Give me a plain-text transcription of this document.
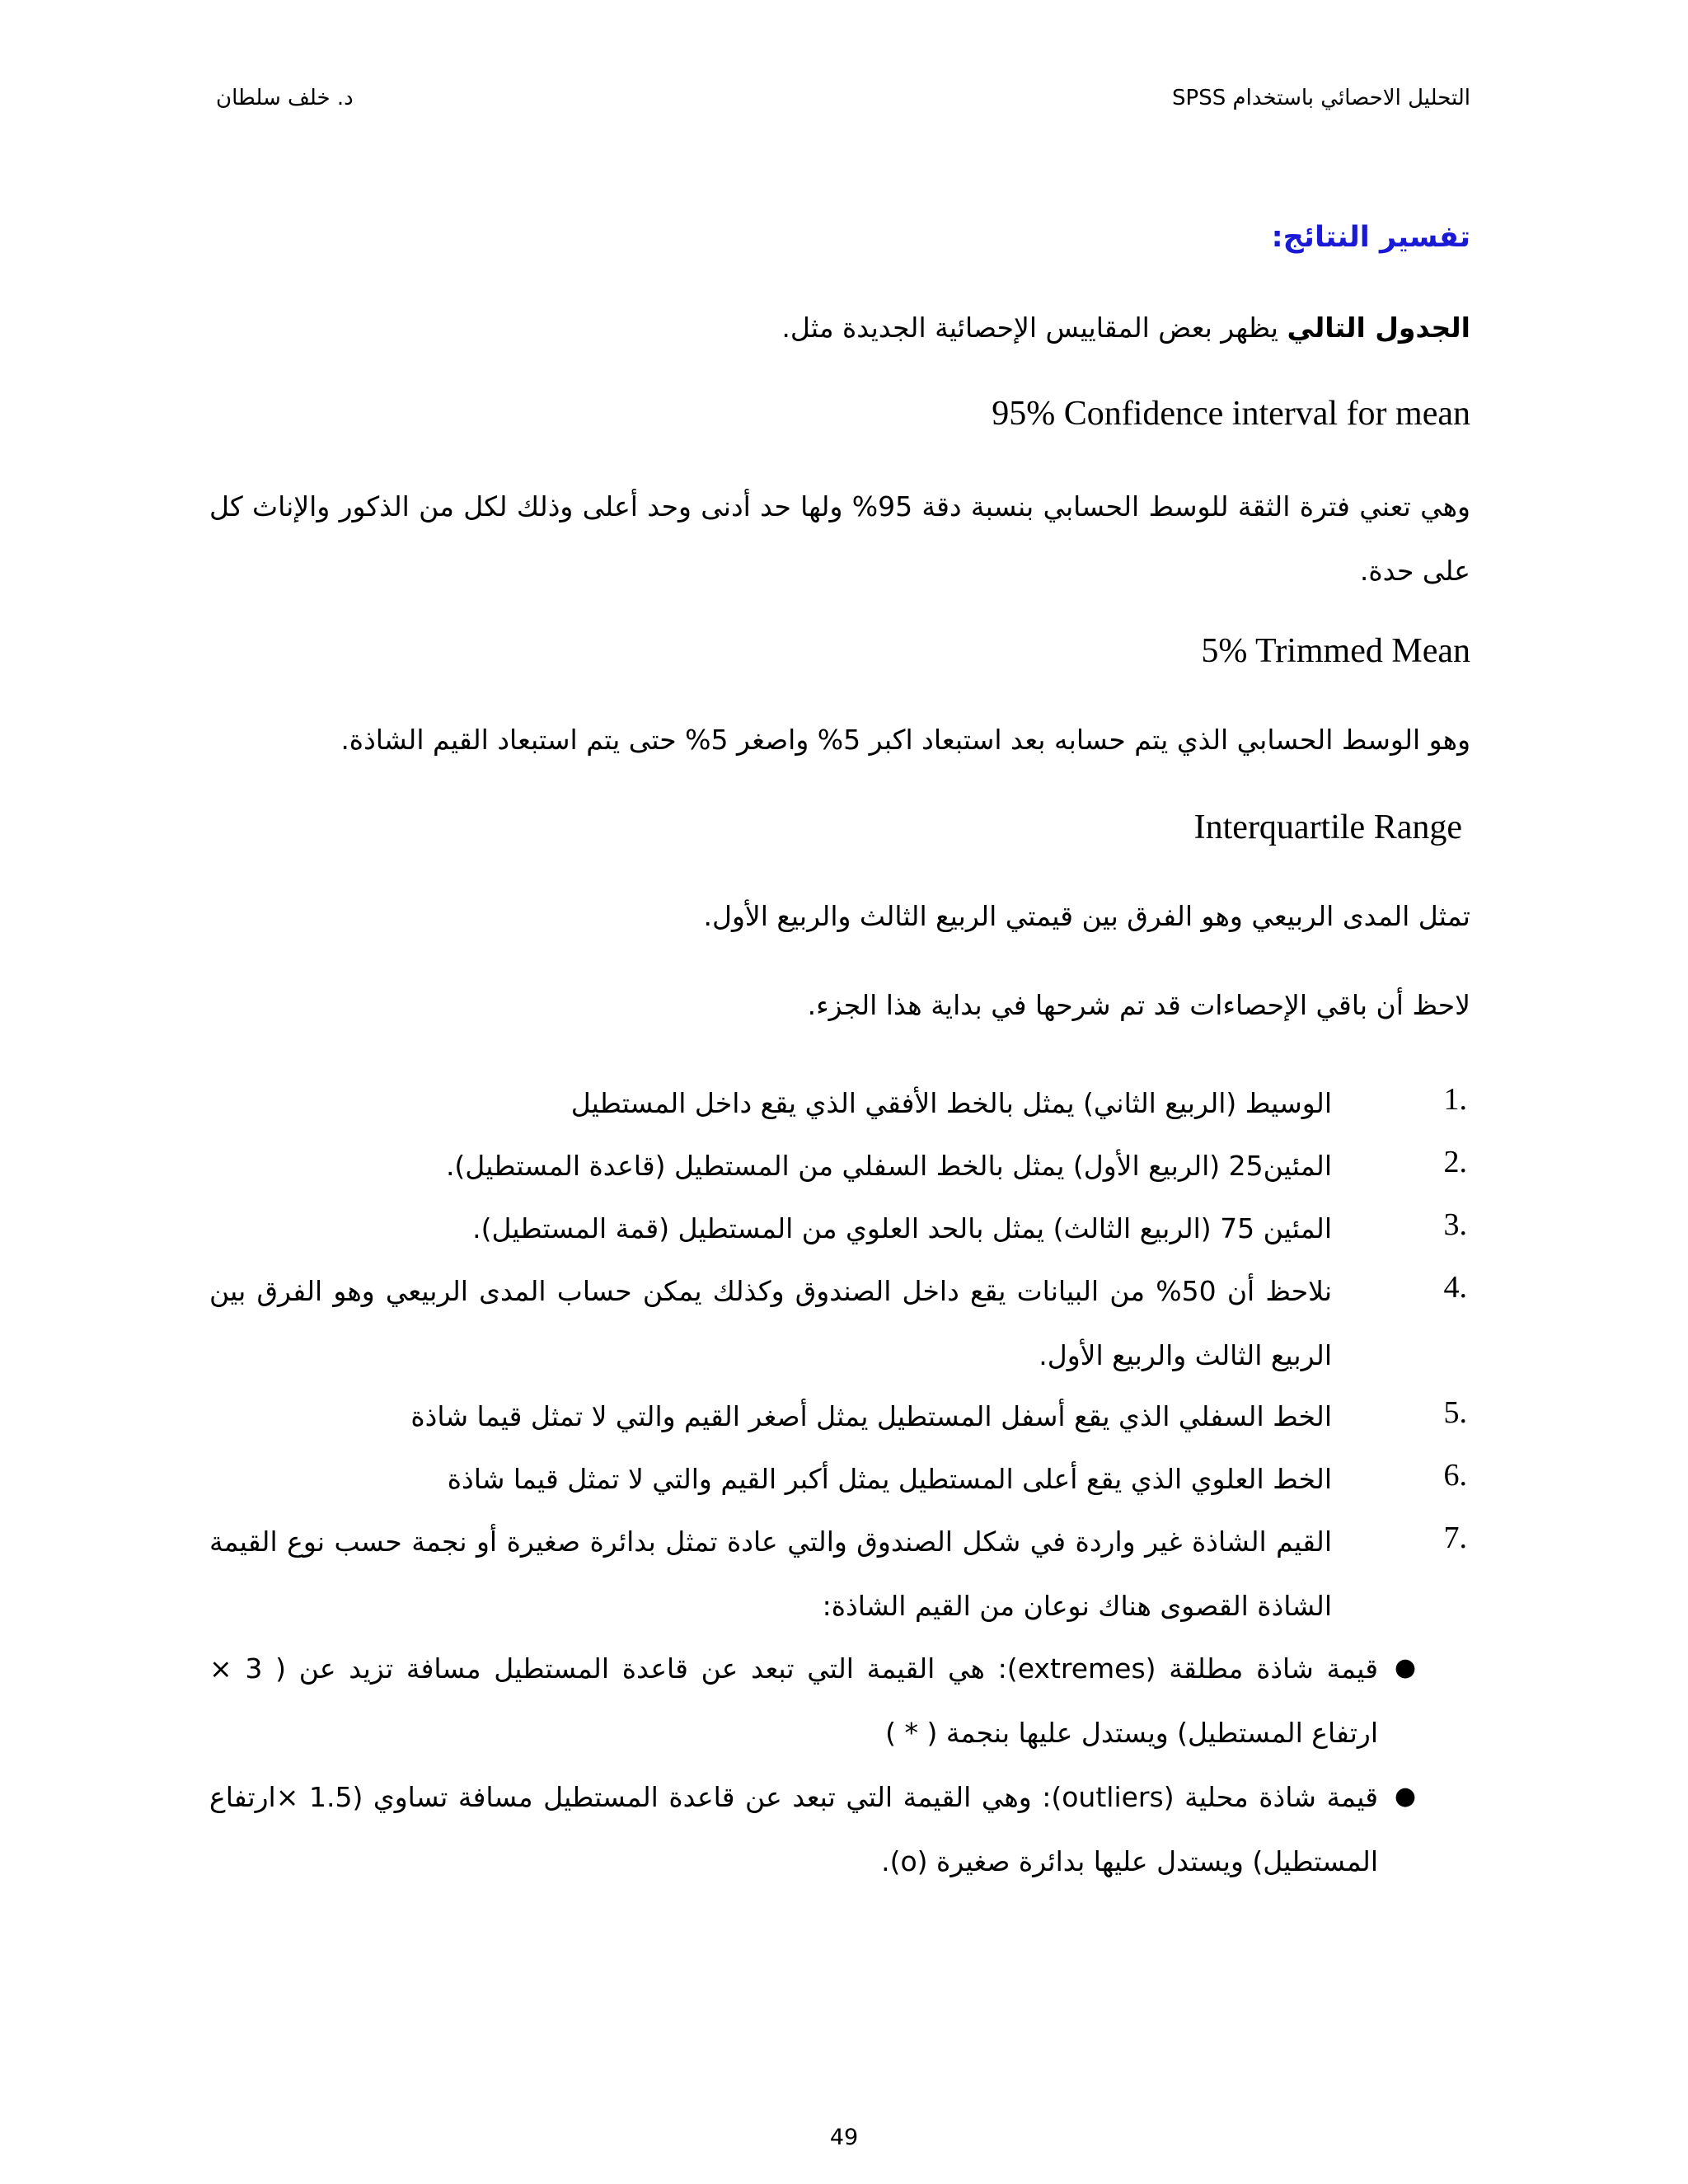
التحليل الاحصائي باستخدام SPSS
د. خلف سلطان
تفسير النتائج:
الجدول التالي يظهر بعض المقاييس الإحصائية الجديدة مثل.
95% Confidence interval for mean
وهي تعني فترة الثقة للوسط الحسابي بنسبة دقة 95% ولها حد أدنى وحد أعلى وذلك لكل من الذكور والإناث كل على حدة.
5% Trimmed Mean
وهو الوسط الحسابي الذي يتم حسابه بعد استبعاد اكبر 5% واصغر 5% حتى يتم استبعاد القيم الشاذة.
Interquartile Range
تمثل المدى الربيعي وهو الفرق بين قيمتي الربيع الثالث والربيع الأول.
لاحظ أن باقي الإحصاءات قد تم شرحها في بداية هذا الجزء.
1.
الوسيط (الربيع الثاني) يمثل بالخط الأفقي الذي يقع داخل المستطيل
2.
المئين25 (الربيع الأول) يمثل بالخط السفلي من المستطيل (قاعدة المستطيل).
3.
المئين 75 (الربيع الثالث) يمثل بالحد العلوي من المستطيل (قمة المستطيل).
4.
نلاحظ أن 50% من البيانات يقع داخل الصندوق وكذلك يمكن حساب المدى الربيعي وهو الفرق بين الربيع الثالث والربيع الأول.
5.
الخط السفلي الذي يقع أسفل المستطيل يمثل أصغر القيم والتي لا تمثل قيما شاذة
6.
الخط العلوي الذي يقع أعلى المستطيل يمثل أكبر القيم والتي لا تمثل قيما شاذة
7.
القيم الشاذة غير واردة في شكل الصندوق والتي عادة تمثل بدائرة صغيرة أو نجمة حسب نوع القيمة الشاذة القصوى هناك نوعان من القيم الشاذة:
●
قيمة شاذة مطلقة (extremes): هي القيمة التي تبعد عن قاعدة المستطيل مسافة تزيد عن ( 3 × ارتفاع المستطيل) ويستدل عليها بنجمة ( * )
●
قيمة شاذة محلية (outliers): وهي القيمة التي تبعد عن قاعدة المستطيل مسافة تساوي (1.5 ×ارتفاع المستطيل) ويستدل عليها بدائرة صغيرة (o).
49
